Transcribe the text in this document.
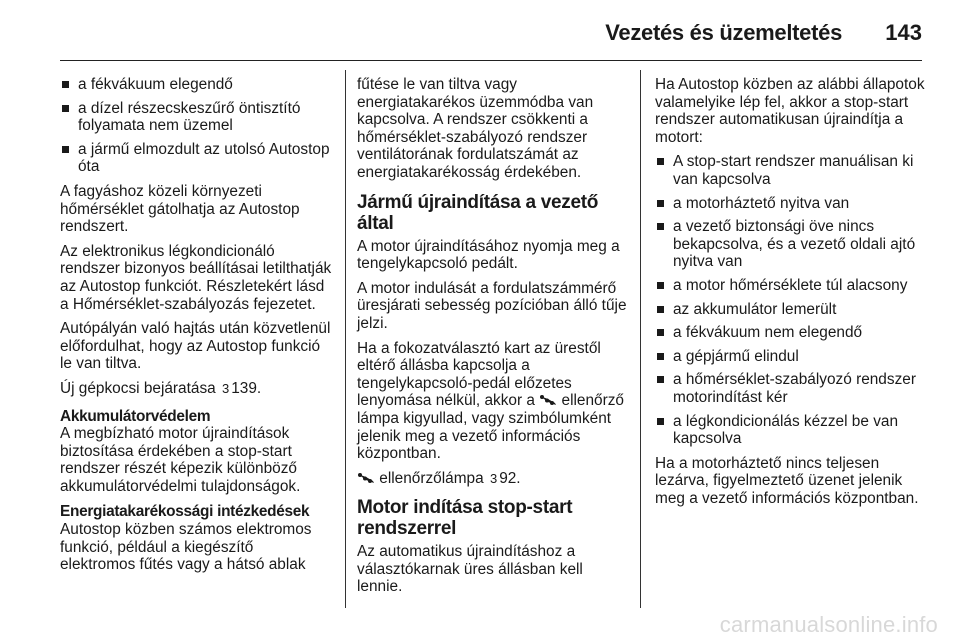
Vezetés és üzemeltetés 143
a fékvákuum elegendő
a dízel részecskeszűrő öntisztító folyamata nem üzemel
a jármű elmozdult az utolsó Autostop óta

A fagyáshoz közeli környezeti hőmérséklet gátolhatja az Autostop rendszert.

Az elektronikus légkondicionáló rendszer bizonyos beállításai letilthatják az Autostop funkciót. Részletekért lásd a Hőmérséklet-szabályozás fejezetet.

Autópályán való hajtás után közvetlenül előfordulhat, hogy az Autostop funkció le van tiltva.

Új gépkocsi bejáratása 3 139.

Akkumulátorvédelem

A megbízható motor újraindítások biztosítása érdekében a stop-start rendszer részét képezik különböző akkumulátorvédelmi tulajdonságok.

Energiatakarékossági intézkedések

Autostop közben számos elektromos funkció, például a kiegészítő elektromos fűtés vagy a hátsó ablak

fűtése le van tiltva vagy energiatakarékos üzemmódba van kapcsolva. A rendszer csökkenti a hőmérséklet-szabályozó rendszer ventilátorának fordulatszámát az energiatakarékosság érdekében.

Jármű újraindítása a vezető által

A motor újraindításához nyomja meg a tengelykapcsoló pedált.

A motor indulását a fordulatszámmérő üresjárati sebesség pozícióban álló tűje jelzi.

Ha a fokozatválasztó kart az ürestől eltérő állásba kapcsolja a tengelykapcsoló-pedál előzetes lenyomása nélkül, akkor a ellenőrző lámpa kigyullad, vagy szimbólumként jelenik meg a vezető információs központban.

ellenőrzőlámpa 3 92.

Motor indítása stop-start rendszerrel

Az automatikus újraindításhoz a választókarnak üres állásban kell lennie.

Ha Autostop közben az alábbi állapotok valamelyike lép fel, akkor a stop-start rendszer automatikusan újraindítja a motort:

A stop-start rendszer manuálisan ki van kapcsolva
a motorháztető nyitva van
a vezető biztonsági öve nincs bekapcsolva, és a vezető oldali ajtó nyitva van
a motor hőmérséklete túl alacsony
az akkumulátor lemerült
a fékvákuum nem elegendő
a gépjármű elindul
a hőmérséklet-szabályozó rendszer motorindítást kér
a légkondicionálás kézzel be van kapcsolva

Ha a motorháztető nincs teljesen lezárva, figyelmeztető üzenet jelenik meg a vezető információs központban.

carmanualsonline.info
